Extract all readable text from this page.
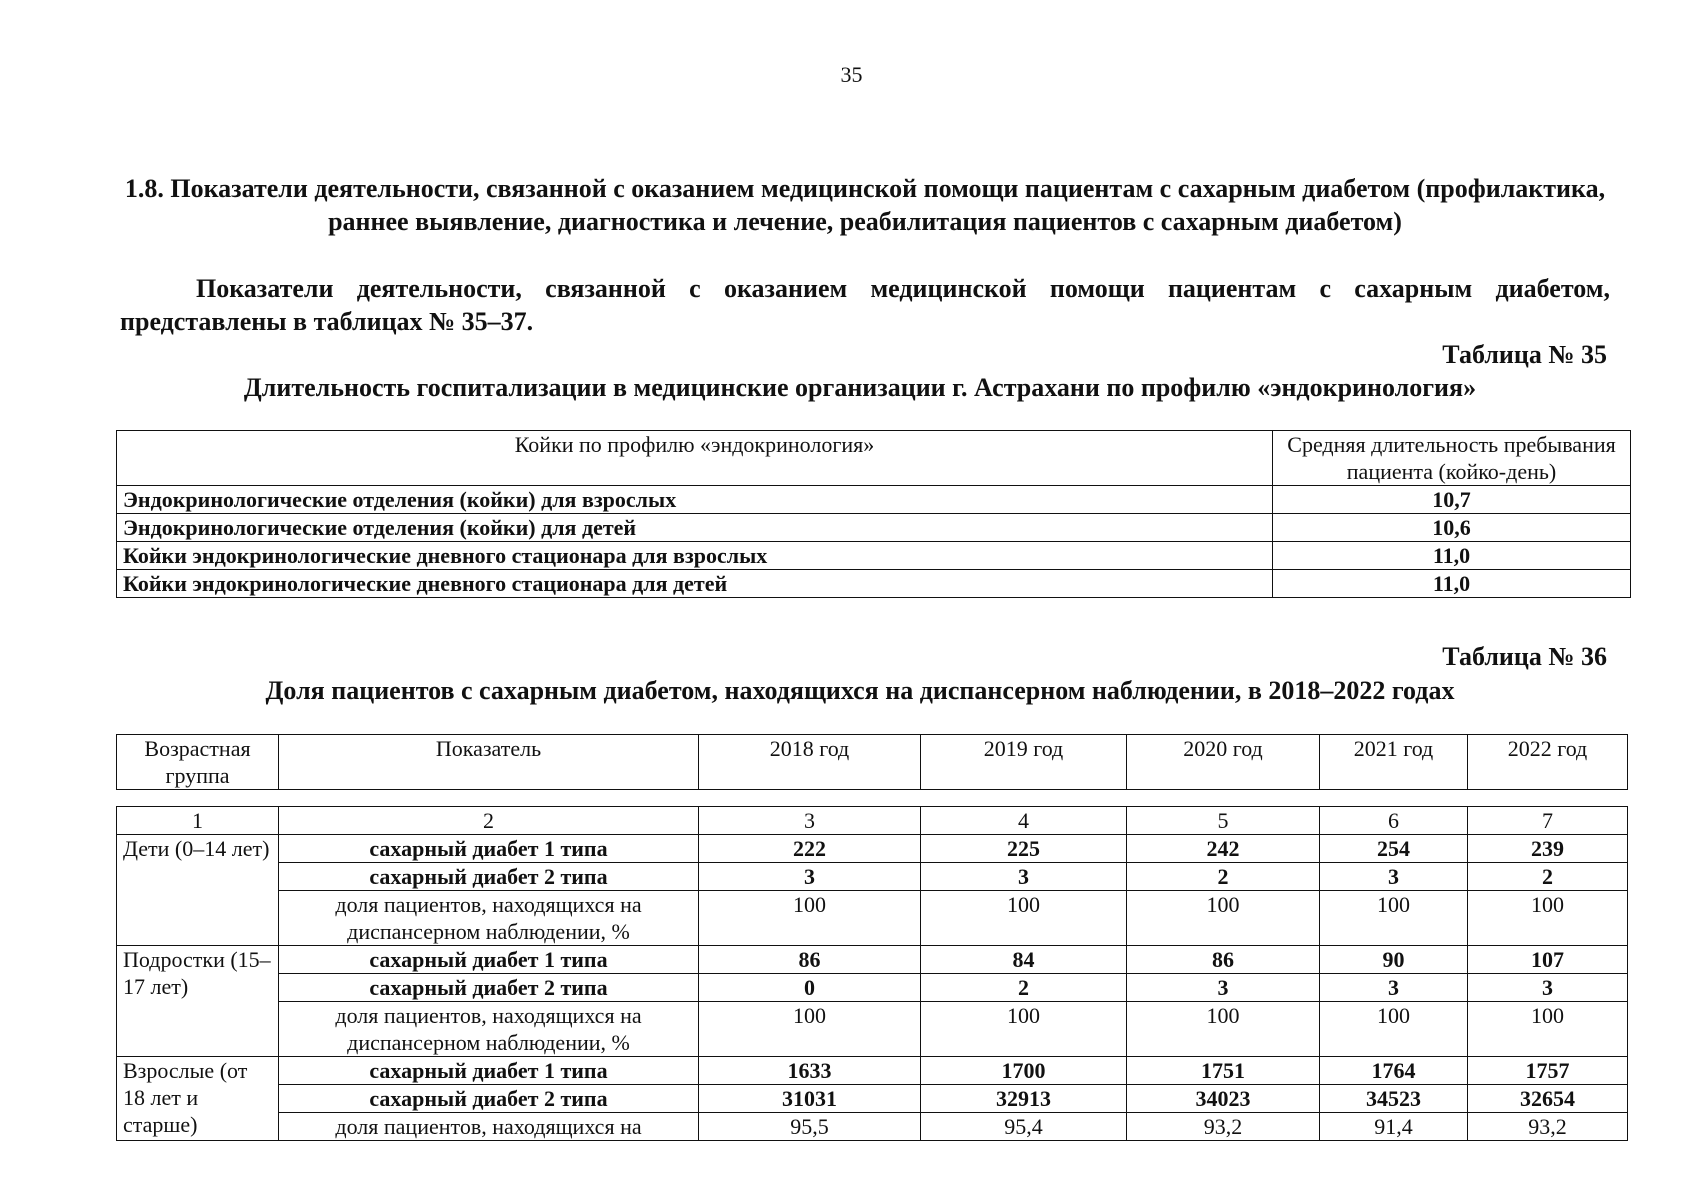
35
1.8. Показатели деятельности, связанной с оказанием медицинской помощи пациентам с сахарным диабетом (профилактика, раннее выявление, диагностика и лечение, реабилитация пациентов с сахарным диабетом)
Показатели деятельности, связанной с оказанием медицинской помощи пациентам с сахарным диабетом, представлены в таблицах № 35–37.
Таблица № 35
Длительность госпитализации в медицинские организации г. Астрахани по профилю «эндокринология»
Койки по профилю «эндокринология»	Средняя длительность пребывания пациента (койко-день)
Эндокринологические отделения (койки) для взрослых	10,7
Эндокринологические отделения (койки) для детей	10,6
Койки эндокринологические дневного стационара для взрослых	11,0
Койки эндокринологические дневного стационара для детей	11,0
Таблица № 36
Доля пациентов с сахарным диабетом, находящихся на диспансерном наблюдении, в 2018–2022 годах
Возрастная группа	Показатель	2018 год	2019 год	2020 год	2021 год	2022 год
1	2	3	4	5	6	7
Дети (0–14 лет)	сахарный диабет 1 типа	222	225	242	254	239
	сахарный диабет 2 типа	3	3	2	3	2
	доля пациентов, находящихся на диспансерном наблюдении, %	100	100	100	100	100
Подростки (15–17 лет)	сахарный диабет 1 типа	86	84	86	90	107
	сахарный диабет 2 типа	0	2	3	3	3
	доля пациентов, находящихся на диспансерном наблюдении, %	100	100	100	100	100
Взрослые (от 18 лет и старше)	сахарный диабет 1 типа	1633	1700	1751	1764	1757
	сахарный диабет 2 типа	31031	32913	34023	34523	32654
	доля пациентов, находящихся на	95,5	95,4	93,2	91,4	93,2
